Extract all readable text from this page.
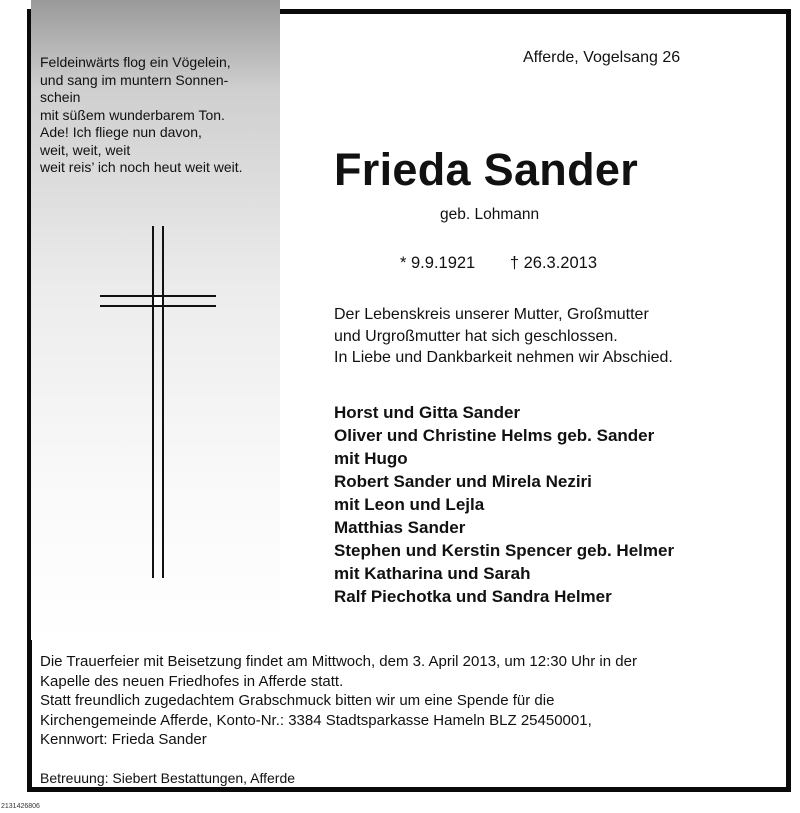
Feldeinwärts flog ein Vögelein,
und sang im muntern Sonnen-
schein
mit süßem wunderbarem Ton.
Ade! Ich fliege nun davon,
weit, weit, weit
weit reis’ ich noch heut weit weit.
Afferde, Vogelsang 26
Frieda Sander
geb. Lohmann
* 9.9.1921 † 26.3.2013
Der Lebenskreis unserer Mutter, Großmutter
und Urgroßmutter hat sich geschlossen.
In Liebe und Dankbarkeit nehmen wir Abschied.
Horst und Gitta Sander
Oliver und Christine Helms geb. Sander
mit Hugo
Robert Sander und Mirela Neziri
mit Leon und Lejla
Matthias Sander
Stephen und Kerstin Spencer geb. Helmer
mit Katharina und Sarah
Ralf Piechotka und Sandra Helmer
Die Trauerfeier mit Beisetzung findet am Mittwoch, dem 3. April 2013, um 12:30 Uhr in der
Kapelle des neuen Friedhofes in Afferde statt.
Statt freundlich zugedachtem Grabschmuck bitten wir um eine Spende für die
Kirchengemeinde Afferde, Konto-Nr.: 3384 Stadtsparkasse Hameln BLZ 25450001,
Kennwort: Frieda Sander
Betreuung: Siebert Bestattungen, Afferde
2131426806
